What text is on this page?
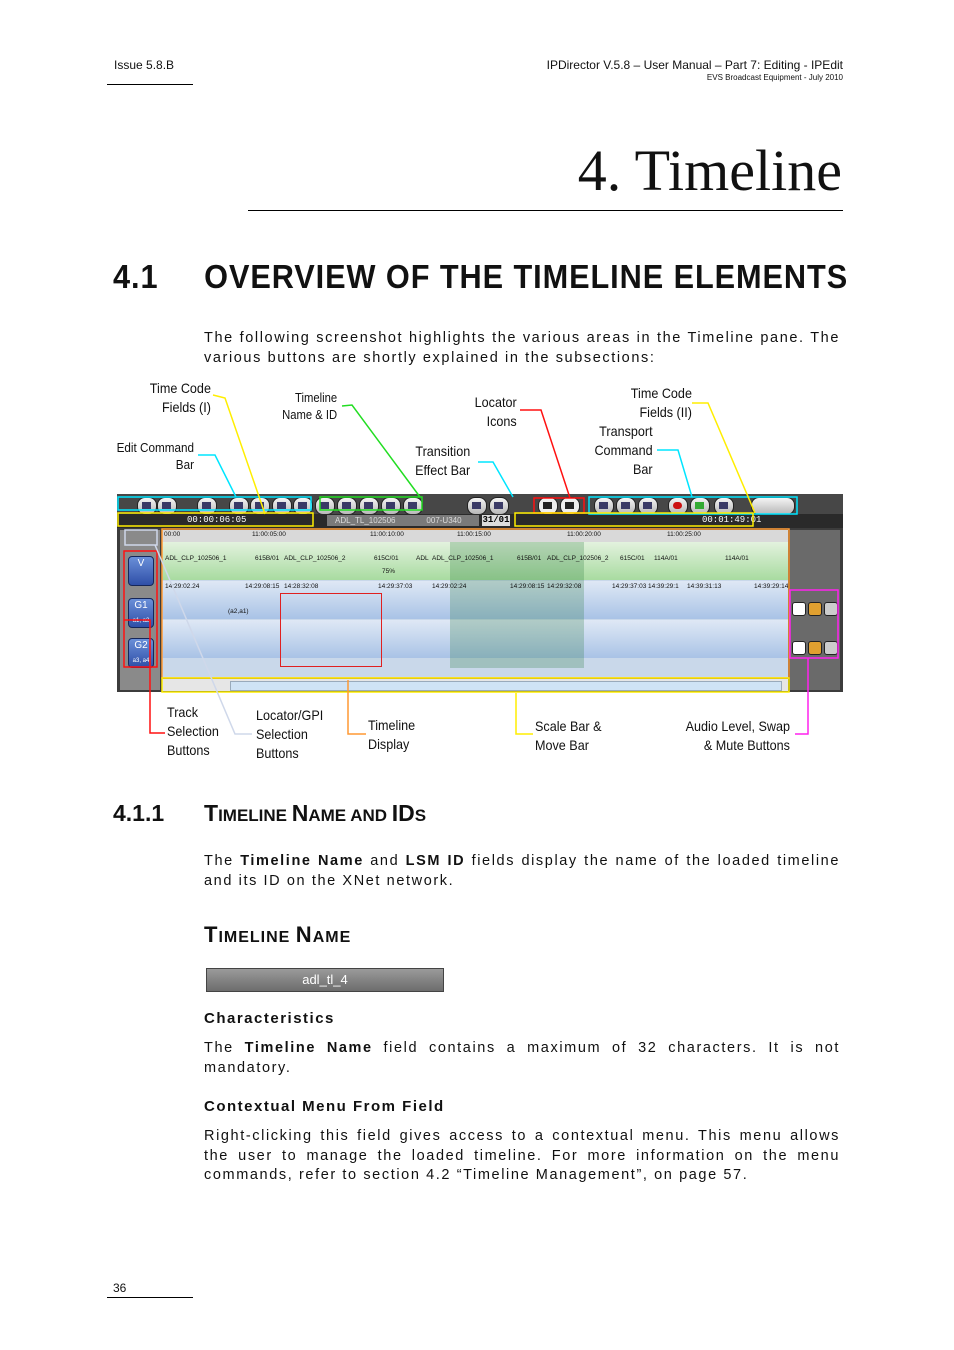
Issue 5.8.B	IPDirector V.5.8 – User Manual – Part 7: Editing - IPEdit
EVS Broadcast Equipment - July 2010
4. Timeline
4.1 OVERVIEW OF THE TIMELINE ELEMENTS
The following screenshot highlights the various areas in the Timeline pane. The various buttons are shortly explained in the subsections:
Time Code
Fields (I)
Timeline
Name & ID
Locator
Icons
Time Code
Fields (II)
Edit Command
Bar
Transition
Effect Bar
Transport
Command
Bar
Track
Selection
Buttons
Locator/GPI
Selection
Buttons
Timeline
Display
Scale Bar &
Move Bar
Audio Level, Swap
& Mute Buttons
00:00:06:05	ADL_TL_102506	007-U340	31/01	00:01:49:01
V
G1
a1, a2
G2
a3, a4
ADL_CLP_102506_1	615B/01 ADL_CLP_102506_2	615C/01	ADL ADL_CLP_102506_1	615B/01 ADL_CLP_102506_2 615C/01 114A/01	114A/01
75%
(a2,a1)
14:29:02.24	14:29:08:15 14:28:32:08	14:29:37:03	14:29:02:24	14:29:08:15 14:29:32:08	14:29:37:03 14:39:29:1 14:39:31:13	14:39:29:14
00:00	11:00:05:00	11:00:10:00	11:00:15:00	11:00:20:00	11:00:25:00
4.1.1 TIMELINE NAME AND IDS
The Timeline Name and LSM ID fields display the name of the loaded timeline and its ID on the XNet network.
TIMELINE NAME
adl_tl_4
Characteristics
The Timeline Name field contains a maximum of 32 characters. It is not mandatory.
Contextual Menu From Field
Right-clicking this field gives access to a contextual menu. This menu allows the user to manage the loaded timeline. For more information on the menu commands, refer to section 4.2 “Timeline Management”, on page 57.
36
